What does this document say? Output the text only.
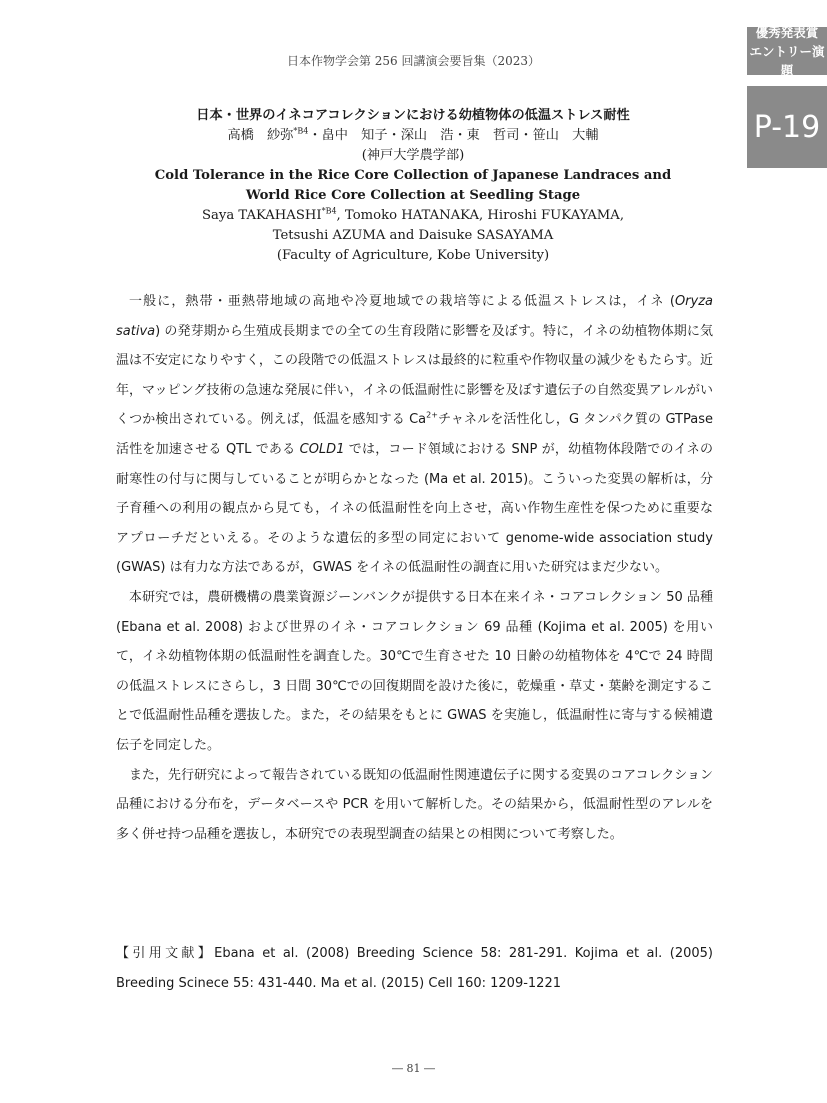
日本作物学会第 256 回講演会要旨集（2023）
優秀発表賞
エントリー演題
P-19
日本・世界のイネコアコレクションにおける幼植物体の低温ストレス耐性
高橋　紗弥$^{*B4}$・畠中　知子・深山　浩・東　哲司・笹山　大輔
(神戸大学農学部)
Cold Tolerance in the Rice Core Collection of Japanese Landraces and
World Rice Core Collection at Seedling Stage
Saya $TAKAHASHI^{*B4}$, Tomoko HATANAKA, Hiroshi FUKAYAMA,
Tetsushi AZUMA and Daisuke SASAYAMA
(Faculty of Agriculture, Kobe University)

一般に，熱帯・亜熱帯地域の高地や冷夏地域での栽培等による低温ストレスは，イネ (Oryza sativa) の発芽期から生殖成長期までの全ての生育段階に影響を及ぼす。特に，イネの幼植物体期に気温は不安定になりやすく，この段階での低温ストレスは最終的に粒重や作物収量の減少をもたらす。近年，マッピング技術の急速な発展に伴い，イネの低温耐性に影響を及ぼす遺伝子の自然変異アレルがいくつか検出されている。例えば，低温を感知する $Ca^{2+}$チャネルを活性化し，G タンパク質の GTPase 活性を加速させる QTL である COLD1 では，コード領域における SNP が，幼植物体段階でのイネの耐寒性の付与に関与していることが明らかとなった (Ma et al. 2015)。こういった変異の解析は，分子育種への利用の観点から見ても，イネの低温耐性を向上させ，高い作物生産性を保つために重要なアプローチだといえる。そのような遺伝的多型の同定において genome-wide association study (GWAS) は有力な方法であるが，GWAS をイネの低温耐性の調査に用いた研究はまだ少ない。

本研究では，農研機構の農業資源ジーンバンクが提供する日本在来イネ・コアコレクション 50 品種 (Ebana et al. 2008) および世界のイネ・コアコレクション 69 品種 (Kojima et al. 2005) を用いて，イネ幼植物体期の低温耐性を調査した。30℃で生育させた 10 日齢の幼植物体を 4℃で 24 時間の低温ストレスにさらし，3 日間 30℃での回復期間を設けた後に，乾燥重・草丈・葉齢を測定することで低温耐性品種を選抜した。また，その結果をもとに GWAS を実施し，低温耐性に寄与する候補遺伝子を同定した。

また，先行研究によって報告されている既知の低温耐性関連遺伝子に関する変異のコアコレクション品種における分布を，データベースや PCR を用いて解析した。その結果から，低温耐性型のアレルを多く併せ持つ品種を選抜し，本研究での表現型調査の結果との相関について考察した。

【引用文献】Ebana et al. (2008) Breeding Science 58: 281-291. Kojima et al. (2005) Breeding Scinece 55: 431-440. Ma et al. (2015) Cell 160: 1209-1221
― 81 ―
